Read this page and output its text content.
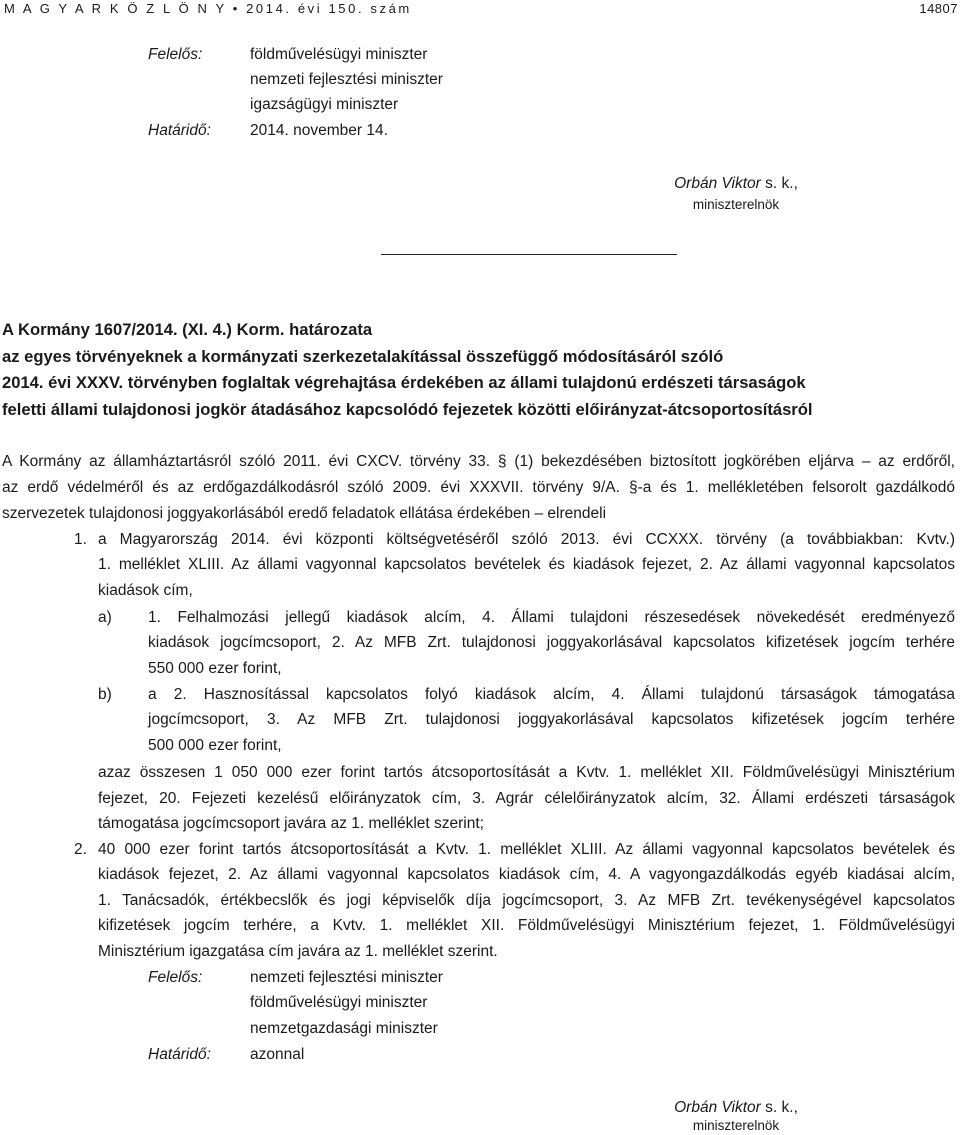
M A G Y A R K Ö Z L Ö N Y • 2014. évi 150. szám	14807
Felelős:	földművelésügyi miniszter
nemzeti fejlesztési miniszter
igazságügyi miniszter
Határidő:	2014. november 14.
Orbán Viktor s. k.,
miniszterelnök
A Kormány 1607/2014. (XI. 4.) Korm. határozata
az egyes törvényeknek a kormányzati szerkezetalakítással összefüggő módosításáról szóló
2014. évi XXXV. törvényben foglaltak végrehajtása érdekében az állami tulajdonú erdészeti társaságok
feletti állami tulajdonosi jogkör átadásához kapcsolódó fejezetek közötti előirányzat-átcsoportosításról
A Kormány az államháztartásról szóló 2011. évi CXCV. törvény 33. § (1) bekezdésében biztosított jogkörében eljárva – az erdőről,
az erdő védelméről és az erdőgazdálkodásról szóló 2009. évi XXXVII. törvény 9/A. §-a és 1. mellékletében felsorolt gazdálkodó
szervezetek tulajdonosi joggyakorlásából eredő feladatok ellátása érdekében – elrendeli
1. a Magyarország 2014. évi központi költségvetéséről szóló 2013. évi CCXXX. törvény (a továbbiakban: Kvtv.)
1. melléklet XLIII. Az állami vagyonnal kapcsolatos bevételek és kiadások fejezet, 2. Az állami vagyonnal kapcsolatos
kiadások cím,
a) 1. Felhalmozási jellegű kiadások alcím, 4. Állami tulajdoni részesedések növekedését eredményező
kiadások jogcímcsoport, 2. Az MFB Zrt. tulajdonosi joggyakorlásával kapcsolatos kifizetések jogcím terhére
550 000 ezer forint,
b) a 2. Hasznosítással kapcsolatos folyó kiadások alcím, 4. Állami tulajdonú társaságok támogatása
jogcímcsoport, 3. Az MFB Zrt. tulajdonosi joggyakorlásával kapcsolatos kifizetések jogcím terhére
500 000 ezer forint,
azaz összesen 1 050 000 ezer forint tartós átcsoportosítását a Kvtv. 1. melléklet XII. Földművelésügyi Minisztérium
fejezet, 20. Fejezeti kezelésű előirányzatok cím, 3. Agrár célelőirányzatok alcím, 32. Állami erdészeti társaságok
támogatása jogcímcsoport javára az 1. melléklet szerint;
2. 40 000 ezer forint tartós átcsoportosítását a Kvtv. 1. melléklet XLIII. Az állami vagyonnal kapcsolatos bevételek és
kiadások fejezet, 2. Az állami vagyonnal kapcsolatos kiadások cím, 4. A vagyongazdálkodás egyéb kiadásai alcím,
1. Tanácsadók, értékbecslők és jogi képviselők díja jogcímcsoport, 3. Az MFB Zrt. tevékenységével kapcsolatos
kifizetések jogcím terhére, a Kvtv. 1. melléklet XII. Földművelésügyi Minisztérium fejezet, 1. Földművelésügyi
Minisztérium igazgatása cím javára az 1. melléklet szerint.
Felelős:	nemzeti fejlesztési miniszter
földművelésügyi miniszter
nemzetgazdasági miniszter
Határidő:	azonnal
Orbán Viktor s. k.,
miniszterelnök
